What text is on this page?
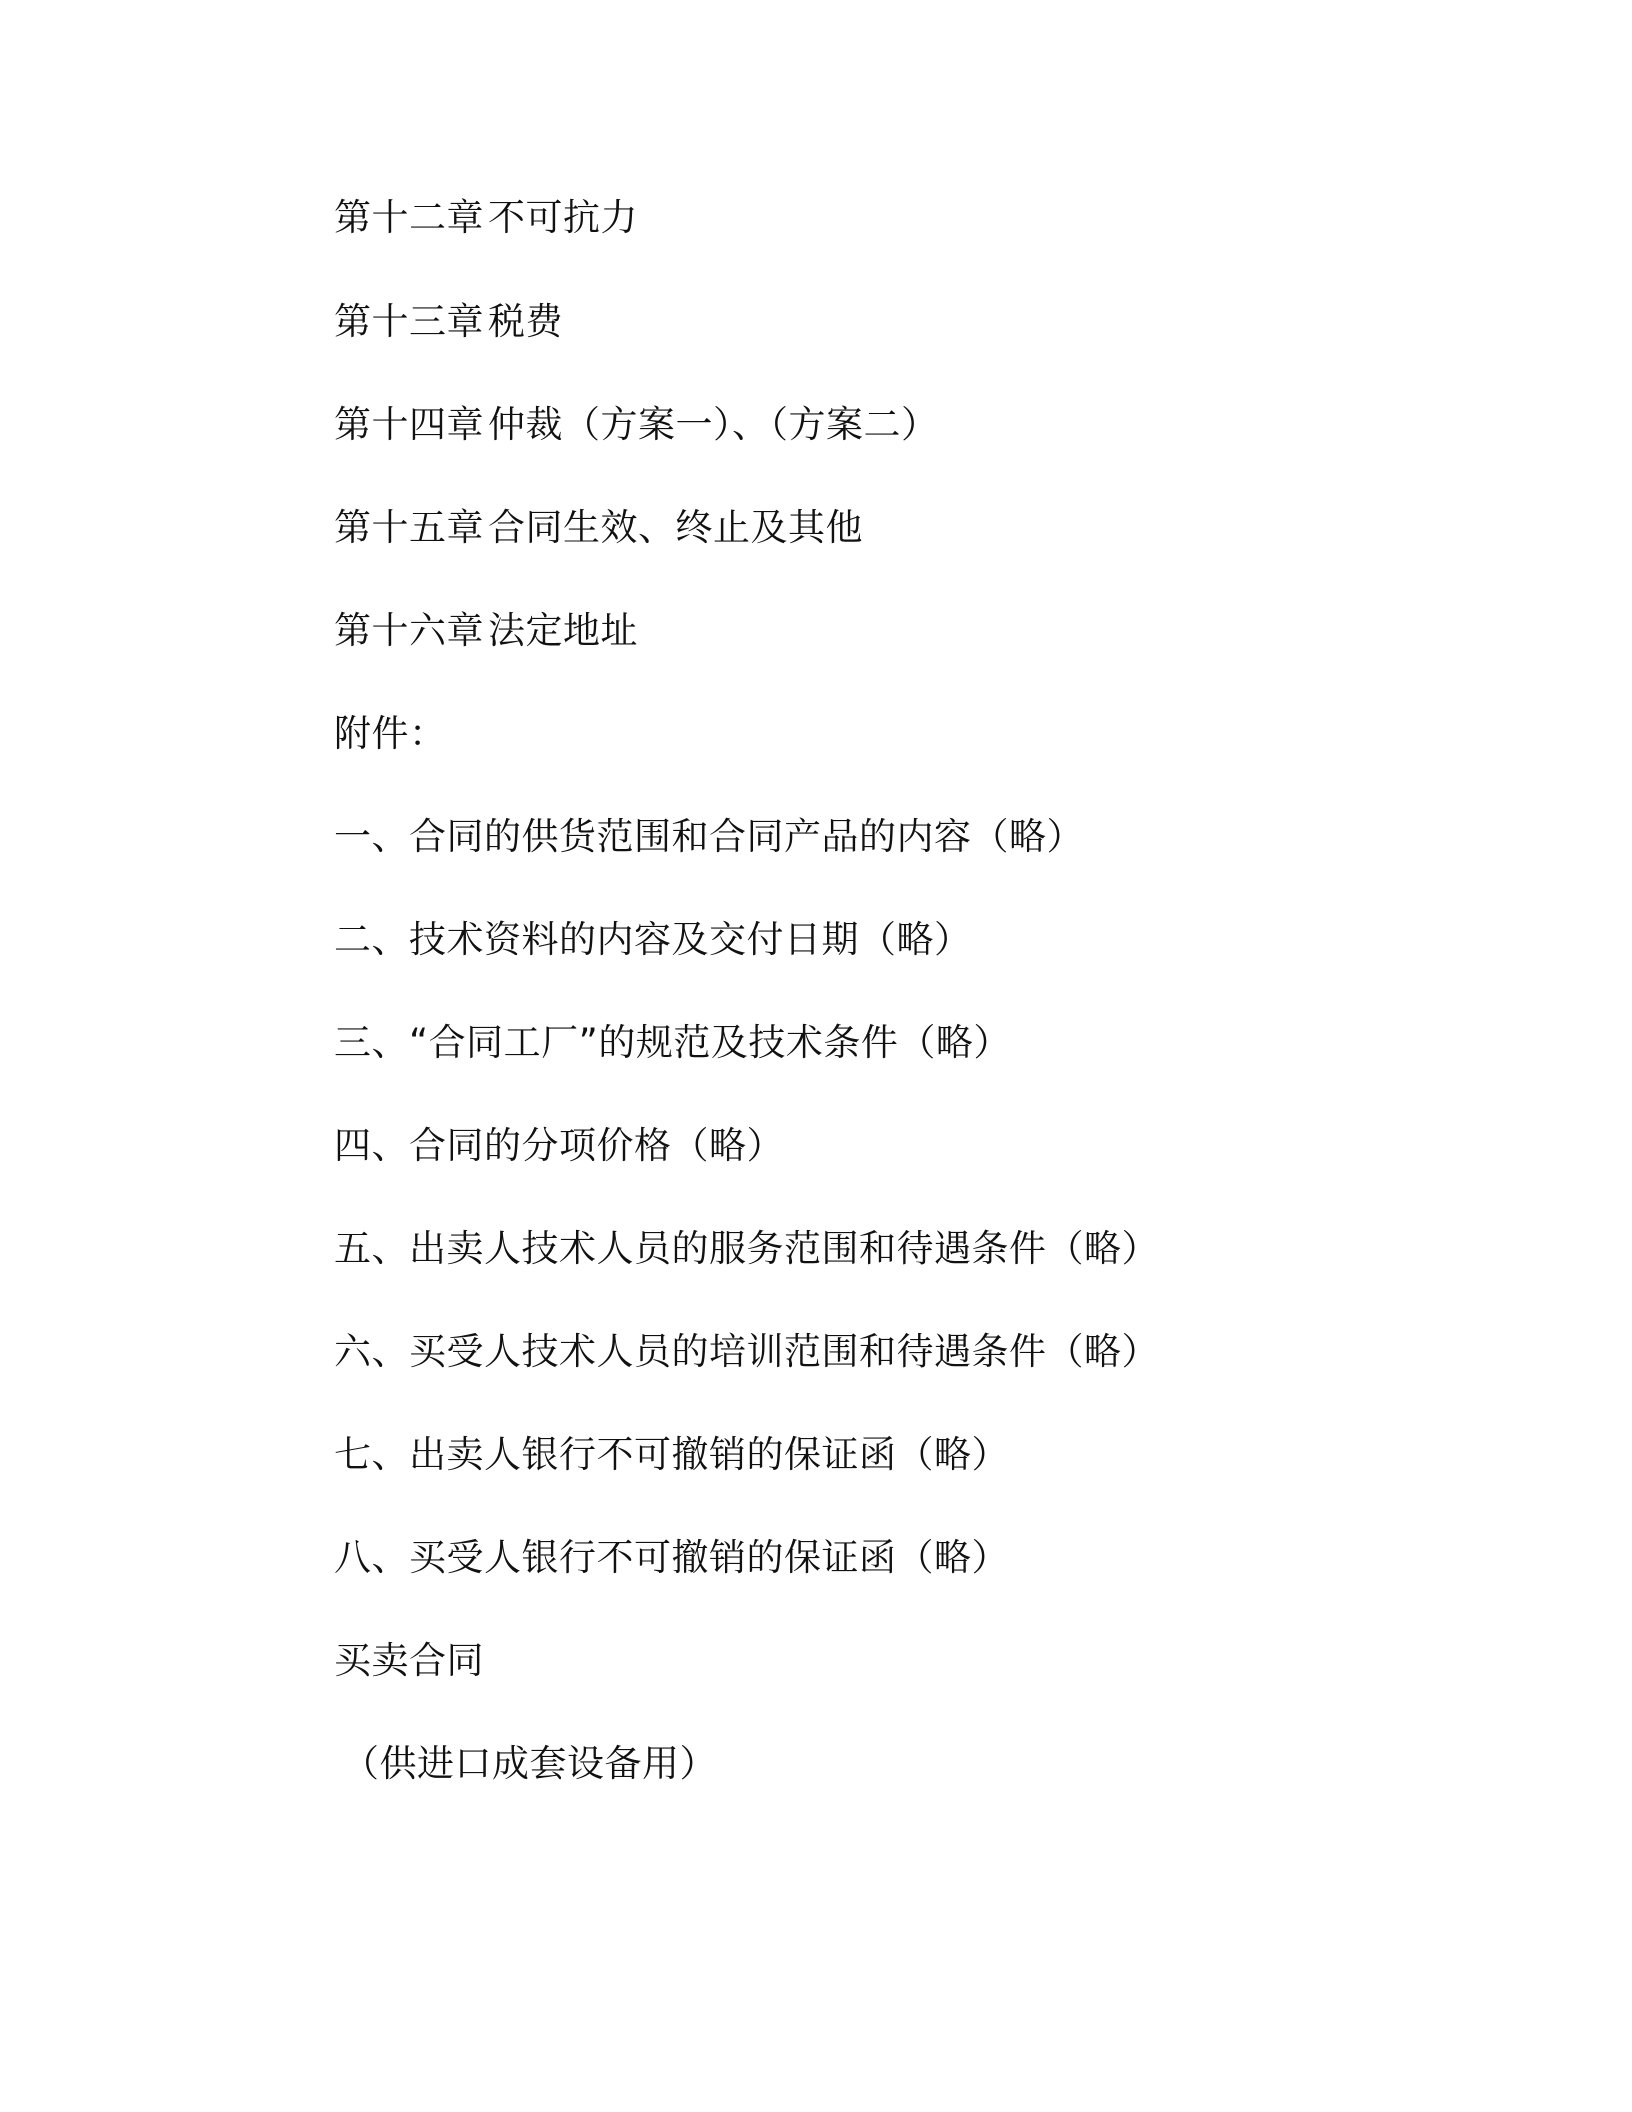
第十二章 不可抗力
第十三章 税费
第十四章 仲裁（方案一）、（方案二）
第十五章 合同生效、终止及其他
第十六章 法定地址
附件：
一、合同的供货范围和合同产品的内容（略）
二、技术资料的内容及交付日期（略）
三、“合同工厂”的规范及技术条件（略）
四、合同的分项价格（略）
五、出卖人技术人员的服务范围和待遇条件（略）
六、买受人技术人员的培训范围和待遇条件（略）
七、出卖人银行不可撤销的保证函（略）
八、买受人银行不可撤销的保证函（略）
买卖合同
（供进口成套设备用）
